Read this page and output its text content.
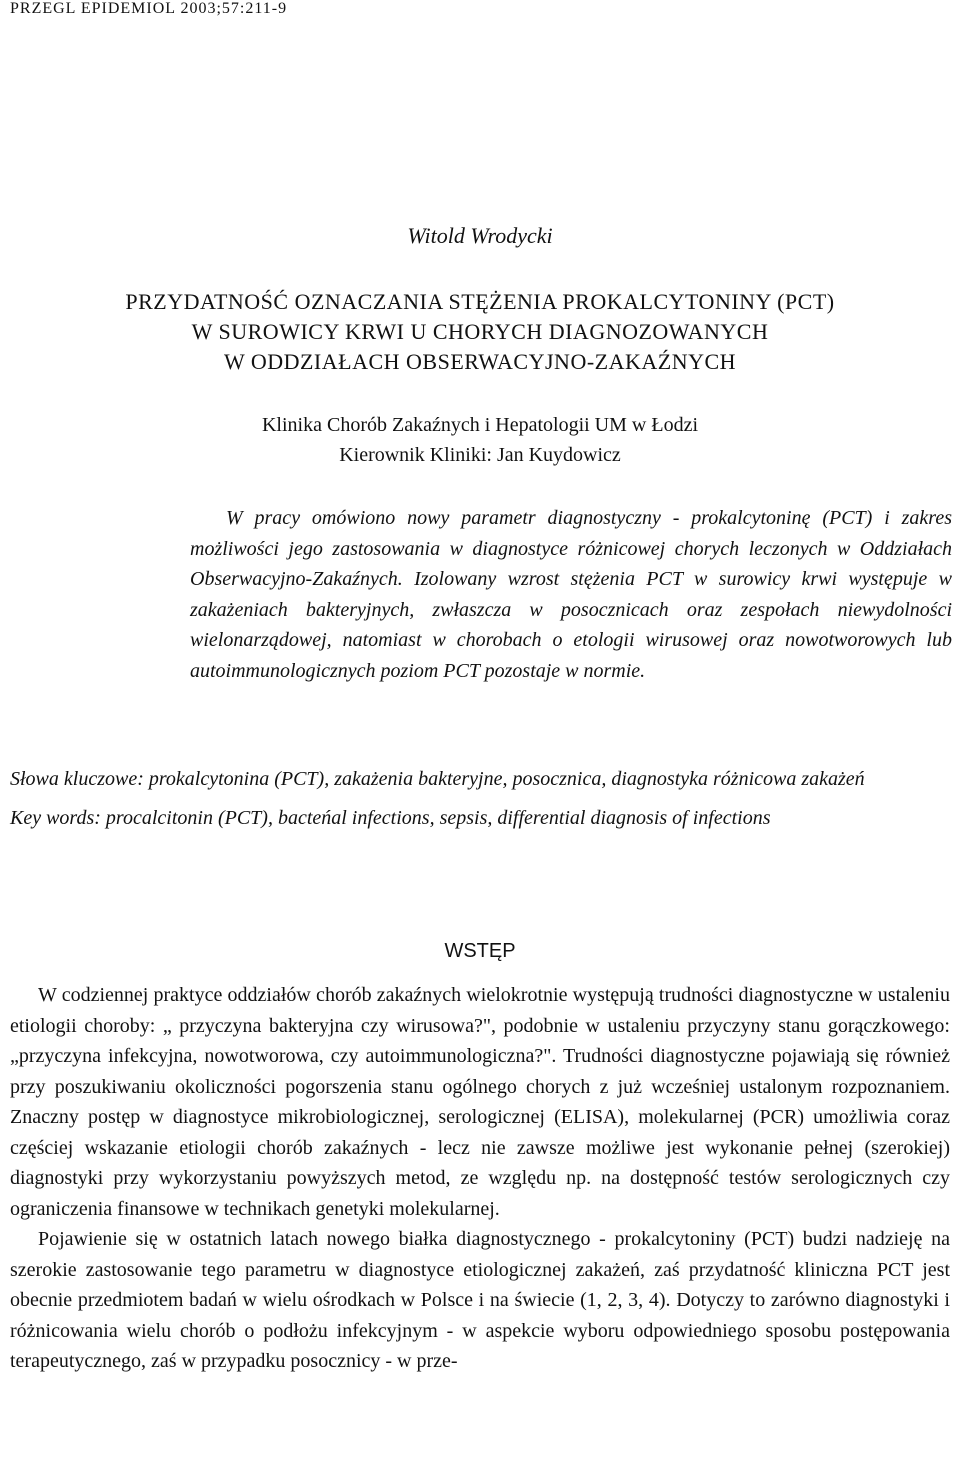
PRZEGL EPIDEMIOL 2003;57:211-9
Witold Wrodycki
PRZYDATNOŚĆ OZNACZANIA STĘŻENIA PROKALCYTONINY (PCT)
W SUROWICY KRWI U CHORYCH DIAGNOZOWANYCH
W ODDZIAŁACH OBSERWACYJNO-ZAKAŹNYCH
Klinika Chorób Zakaźnych i Hepatologii UM w Łodzi
Kierownik Kliniki: Jan Kuydowicz

W pracy omówiono nowy parametr diagnostyczny - prokalcytoninę (PCT) i zakres możliwości jego zastosowania w diagnostyce różnicowej chorych leczonych w Oddziałach Obserwacyjno-Zakaźnych. Izolowany wzrost stężenia PCT w surowicy krwi występuje w zakażeniach bakteryjnych, zwłaszcza w posocznicach oraz zespołach niewydolności wielonarządowej, natomiast w chorobach o etologii wirusowej oraz nowotworowych lub autoimmunologicznych poziom PCT pozostaje w normie.

Słowa kluczowe: prokalcytonina (PCT), zakażenia bakteryjne, posocznica, diagnostyka różnicowa zakażeń

Key words: procalcitonin (PCT), bacteńal infections, sepsis, differential diagnosis of infections

WSTĘP

W codziennej praktyce oddziałów chorób zakaźnych wielokrotnie występują trudności diagnostyczne w ustaleniu etiologii choroby: „ przyczyna bakteryjna czy wirusowa?", podobnie w ustaleniu przyczyny stanu gorączkowego: „przyczyna infekcyjna, nowotworowa, czy autoimmunologiczna?". Trudności diagnostyczne pojawiają się również przy poszukiwaniu okoliczności pogorszenia stanu ogólnego chorych z już wcześniej ustalonym rozpoznaniem. Znaczny postęp w diagnostyce mikrobiologicznej, serologicznej (ELISA), molekularnej (PCR) umożliwia coraz częściej wskazanie etiologii chorób zakaźnych - lecz nie zawsze możliwe jest wykonanie pełnej (szerokiej) diagnostyki przy wykorzystaniu powyższych metod, ze względu np. na dostępność testów serologicznych czy ograniczenia finansowe w technikach genetyki molekularnej.

Pojawienie się w ostatnich latach nowego białka diagnostycznego - prokalcytoniny (PCT) budzi nadzieję na szerokie zastosowanie tego parametru w diagnostyce etiologicznej zakażeń, zaś przydatność kliniczna PCT jest obecnie przedmiotem badań w wielu ośrodkach w Polsce i na świecie (1, 2, 3, 4). Dotyczy to zarówno diagnostyki i różnicowania wielu chorób o podłożu infekcyjnym - w aspekcie wyboru odpowiedniego sposobu postępowania terapeutycznego, zaś w przypadku posocznicy - w prze-
